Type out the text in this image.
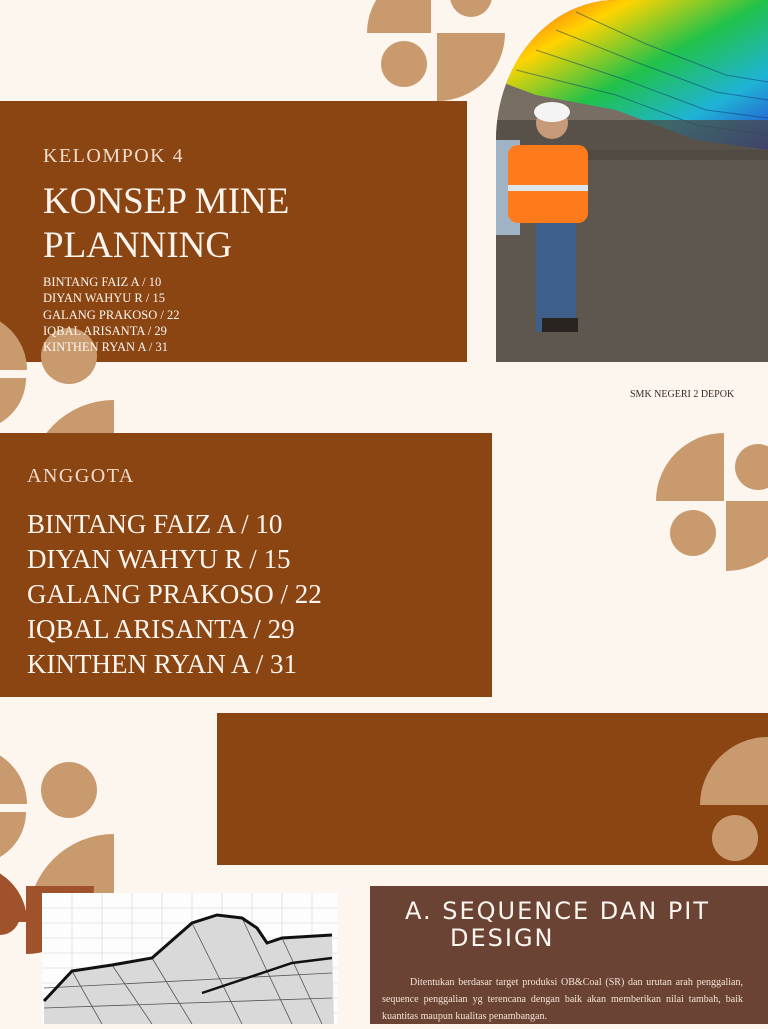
KELOMPOK 4
KONSEP MINE PLANNING
BINTANG FAIZ A / 10
DIYAN WAHYU R / 15
GALANG PRAKOSO / 22
IQBAL ARISANTA / 29
KINTHEN RYAN A / 31
SMK NEGERI 2 DEPOK
ANGGOTA
BINTANG FAIZ A / 10
DIYAN WAHYU R / 15
GALANG PRAKOSO / 22
IQBAL ARISANTA / 29
KINTHEN RYAN A / 31
A. SEQUENCE DAN PIT
DESIGN
Ditentukan berdasar target produksi OB&Coal (SR) dan urutan arah penggalian, sequence penggalian yg terencana dengan baik akan memberikan nilai tambah, baik kuantitas maupun kualitas penambangan.
